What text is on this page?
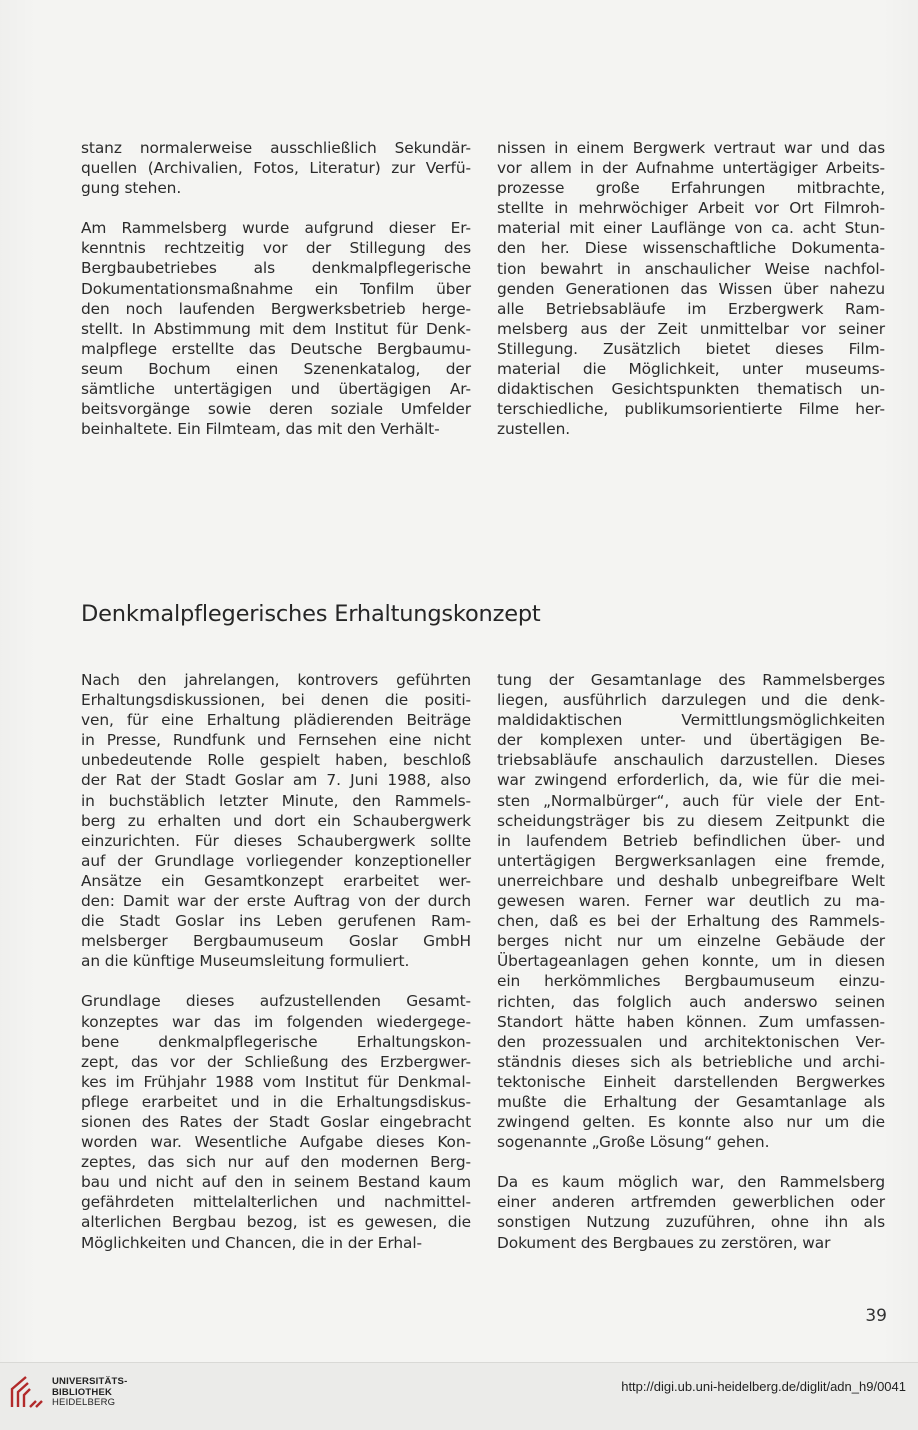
stanz normalerweise ausschließlich Sekundär-
quellen (Archivalien, Fotos, Literatur) zur Verfü-
gung stehen.

Am Rammelsberg wurde aufgrund dieser Er-
kenntnis rechtzeitig vor der Stillegung des
Bergbaubetriebes als denkmalpflegerische
Dokumentationsmaßnahme ein Tonfilm über
den noch laufenden Bergwerksbetrieb herge-
stellt. In Abstimmung mit dem Institut für Denk-
malpflege erstellte das Deutsche Bergbaumu-
seum Bochum einen Szenenkatalog, der
sämtliche untertägigen und übertägigen Ar-
beitsvorgänge sowie deren soziale Umfelder
beinhaltete. Ein Filmteam, das mit den Verhält-

nissen in einem Bergwerk vertraut war und das
vor allem in der Aufnahme untertägiger Arbeits-
prozesse große Erfahrungen mitbrachte,
stellte in mehrwöchiger Arbeit vor Ort Filmroh-
material mit einer Lauflänge von ca. acht Stun-
den her. Diese wissenschaftliche Dokumenta-
tion bewahrt in anschaulicher Weise nachfol-
genden Generationen das Wissen über nahezu
alle Betriebsabläufe im Erzbergwerk Ram-
melsberg aus der Zeit unmittelbar vor seiner
Stillegung. Zusätzlich bietet dieses Film-
material die Möglichkeit, unter museums-
didaktischen Gesichtspunkten thematisch un-
terschiedliche, publikumsorientierte Filme her-
zustellen.

Denkmalpflegerisches Erhaltungskonzept

Nach den jahrelangen, kontrovers geführten
Erhaltungsdiskussionen, bei denen die positi-
ven, für eine Erhaltung plädierenden Beiträge
in Presse, Rundfunk und Fernsehen eine nicht
unbedeutende Rolle gespielt haben, beschloß
der Rat der Stadt Goslar am 7. Juni 1988, also
in buchstäblich letzter Minute, den Rammels-
berg zu erhalten und dort ein Schaubergwerk
einzurichten. Für dieses Schaubergwerk sollte
auf der Grundlage vorliegender konzeptioneller
Ansätze ein Gesamtkonzept erarbeitet wer-
den: Damit war der erste Auftrag von der durch
die Stadt Goslar ins Leben gerufenen Ram-
melsberger Bergbaumuseum Goslar GmbH
an die künftige Museumsleitung formuliert.

Grundlage dieses aufzustellenden Gesamt-
konzeptes war das im folgenden wiedergege-
bene denkmalpflegerische Erhaltungskon-
zept, das vor der Schließung des Erzbergwer-
kes im Frühjahr 1988 vom Institut für Denkmal-
pflege erarbeitet und in die Erhaltungsdiskus-
sionen des Rates der Stadt Goslar eingebracht
worden war. Wesentliche Aufgabe dieses Kon-
zeptes, das sich nur auf den modernen Berg-
bau und nicht auf den in seinem Bestand kaum
gefährdeten mittelalterlichen und nachmittel-
alterlichen Bergbau bezog, ist es gewesen, die
Möglichkeiten und Chancen, die in der Erhal-

tung der Gesamtanlage des Rammelsberges
liegen, ausführlich darzulegen und die denk-
maldidaktischen Vermittlungsmöglichkeiten
der komplexen unter- und übertägigen Be-
triebsabläufe anschaulich darzustellen. Dieses
war zwingend erforderlich, da, wie für die mei-
sten „Normalbürger“, auch für viele der Ent-
scheidungsträger bis zu diesem Zeitpunkt die
in laufendem Betrieb befindlichen über- und
untertägigen Bergwerksanlagen eine fremde,
unerreichbare und deshalb unbegreifbare Welt
gewesen waren. Ferner war deutlich zu ma-
chen, daß es bei der Erhaltung des Rammels-
berges nicht nur um einzelne Gebäude der
Übertageanlagen gehen konnte, um in diesen
ein herkömmliches Bergbaumuseum einzu-
richten, das folglich auch anderswo seinen
Standort hätte haben können. Zum umfassen-
den prozessualen und architektonischen Ver-
ständnis dieses sich als betriebliche und archi-
tektonische Einheit darstellenden Bergwerkes
mußte die Erhaltung der Gesamtanlage als
zwingend gelten. Es konnte also nur um die
sogenannte „Große Lösung“ gehen.

Da es kaum möglich war, den Rammelsberg
einer anderen artfremden gewerblichen oder
sonstigen Nutzung zuzuführen, ohne ihn als
Dokument des Bergbaues zu zerstören, war

39
UNIVERSITÄTS-
BIBLIOTHEK
HEIDELBERG
http://digi.ub.uni-heidelberg.de/diglit/adn_h9/0041
